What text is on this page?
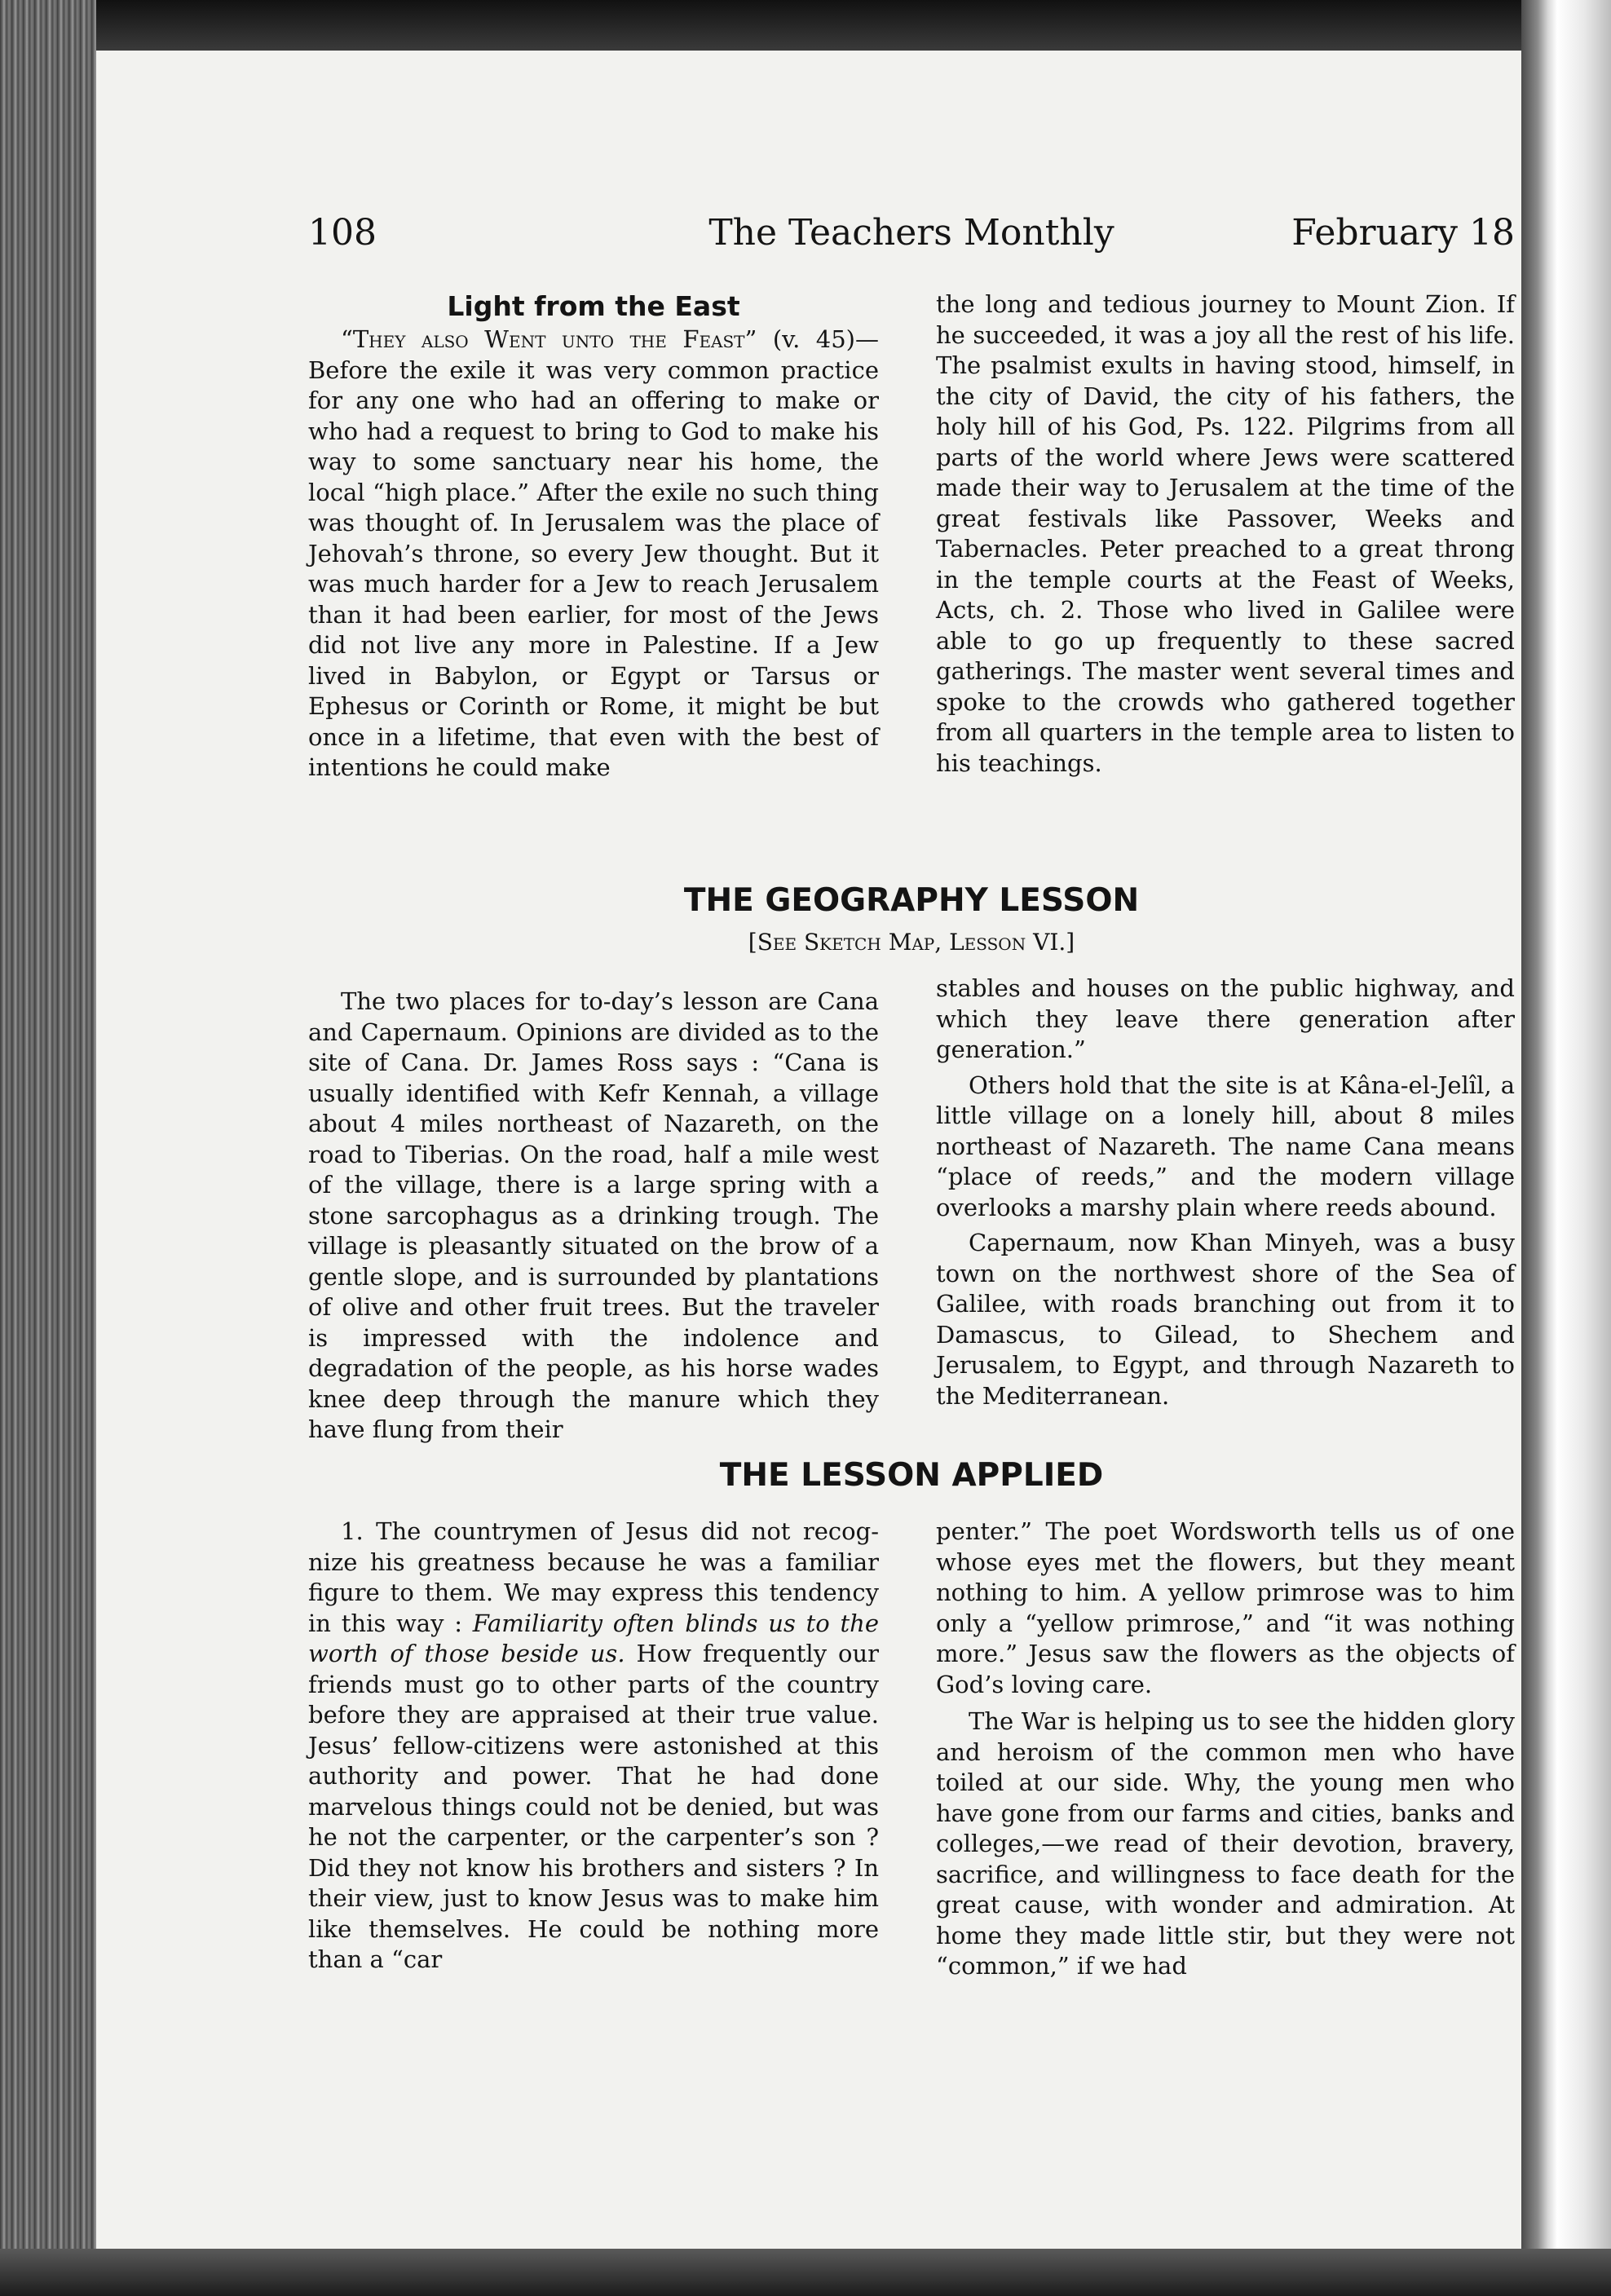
The Teachers Monthly
108	February 18

Light from the East

“They also Went unto the Feast” (v. 45)—Before the exile it was very common practice for any one who had an offering to make or who had a request to bring to God to make his way to some sanctuary near his home, the local “high place.” After the exile no such thing was thought of. In Jerusalem was the place of Jehovah’s throne, so every Jew thought. But it was much harder for a Jew to reach Jerusalem than it had been earlier, for most of the Jews did not live any more in Palestine. If a Jew lived in Babylon, or Egypt or Tarsus or Ephesus or Corinth or Rome, it might be but once in a lifetime, that even with the best of intentions he could make

the long and tedious journey to Mount Zion. If he succeeded, it was a joy all the rest of his life. The psalmist exults in having stood, himself, in the city of David, the city of his fathers, the holy hill of his God, Ps. 122. Pilgrims from all parts of the world where Jews were scattered made their way to Jerusalem at the time of the great festivals like Passover, Weeks and Tabernacles. Peter preached to a great throng in the temple courts at the Feast of Weeks, Acts, ch. 2. Those who lived in Galilee were able to go up frequently to these sacred gatherings. The master went several times and spoke to the crowds who gathered together from all quarters in the temple area to listen to his teachings.

THE GEOGRAPHY LESSON
[See Sketch Map, Lesson VI.]

The two places for to-day’s lesson are Cana and Capernaum. Opinions are divided as to the site of Cana. Dr. James Ross says : “Cana is usually identified with Kefr Kennah, a village about 4 miles northeast of Nazareth, on the road to Tiberias. On the road, half a mile west of the village, there is a large spring with a stone sarcophagus as a drinking trough. The village is pleasantly situated on the brow of a gentle slope, and is surrounded by plantations of olive and other fruit trees. But the traveler is impressed with the indolence and degradation of the people, as his horse wades knee deep through the manure which they have flung from their

stables and houses on the public highway, and which they leave there generation after generation.”

Others hold that the site is at Kâna-el-Jelîl, a little village on a lonely hill, about 8 miles northeast of Nazareth. The name Cana means “place of reeds,” and the modern village overlooks a marshy plain where reeds abound.

Capernaum, now Khan Minyeh, was a busy town on the northwest shore of the Sea of Galilee, with roads branching out from it to Damascus, to Gilead, to Shechem and Jerusalem, to Egypt, and through Nazareth to the Mediterranean.

THE LESSON APPLIED

1. The countrymen of Jesus did not recognize his greatness because he was a familiar figure to them. We may express this tendency in this way : Familiarity often blinds us to the worth of those beside us. How frequently our friends must go to other parts of the country before they are appraised at their true value. Jesus’ fellow-citizens were astonished at this authority and power. That he had done marvelous things could not be denied, but was he not the carpenter, or the carpenter’s son ? Did they not know his brothers and sisters ? In their view, just to know Jesus was to make him like themselves. He could be nothing more than a “car

penter.” The poet Wordsworth tells us of one whose eyes met the flowers, but they meant nothing to him. A yellow primrose was to him only a “yellow primrose,” and “it was nothing more.” Jesus saw the flowers as the objects of God’s loving care.

The War is helping us to see the hidden glory and heroism of the common men who have toiled at our side. Why, the young men who have gone from our farms and cities, banks and colleges,—we read of their devotion, bravery, sacrifice, and willingness to face death for the great cause, with wonder and admiration. At home they made little stir, but they were not “common,” if we had
